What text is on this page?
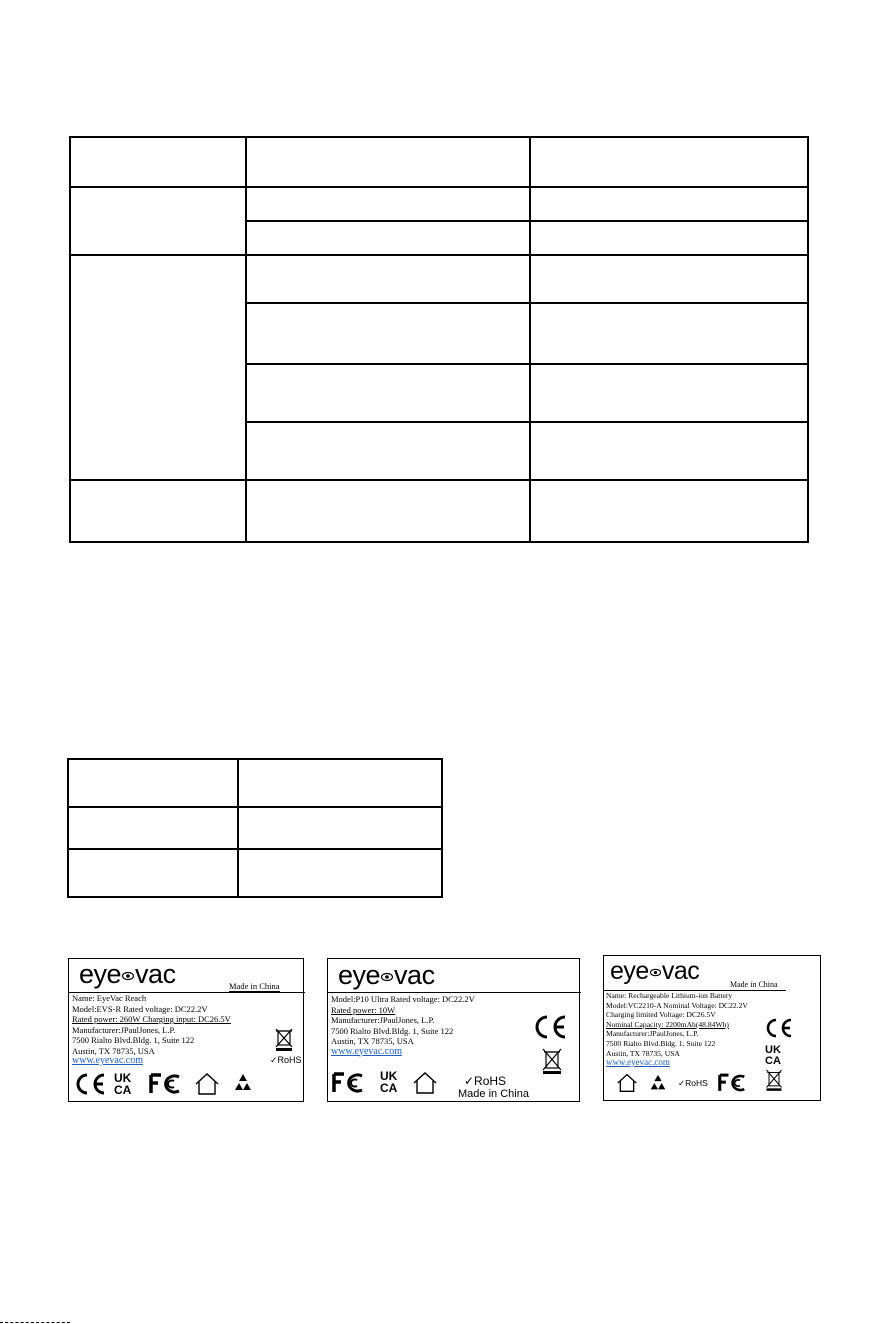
eye vac	Made in China
Name: EyeVac Reach
Model:EVS-R Rated voltage: DC22.2V
Rated power: 260W Charging input: DC26.5V
Manufacturer:JPaulJones, L.P.
7500 Rialto Blvd.Bldg. 1, Suite 122
Austin, TX 78735, USA
www.eyevac.com	✓RoHS
UK
CA
eye vac
Model:P10 Ultra Rated voltage: DC22.2V
Rated power: 10W
Manufacturer:JPaulJones, L.P.
7500 Rialto Blvd.Bldg. 1, Suite 122
Austin, TX 78735, USA
www.eyevac.com
UK
CA	✓RoHS
Made in China
eye vac	Made in China
Name: Rechargeable Lithium-ion Battery
Model:VC2210-A Nominal Voltage: DC22.2V
Charging limited Voltage: DC26.5V
Nominal Capacity: 2200mAh(48.84Wh)
Manufacturer:JPaulJones, L.P.
7500 Rialto Blvd.Bldg. 1, Suite 122
Austin, TX 78735, USA
www.eyevac.com
UK
CA
✓RoHS
